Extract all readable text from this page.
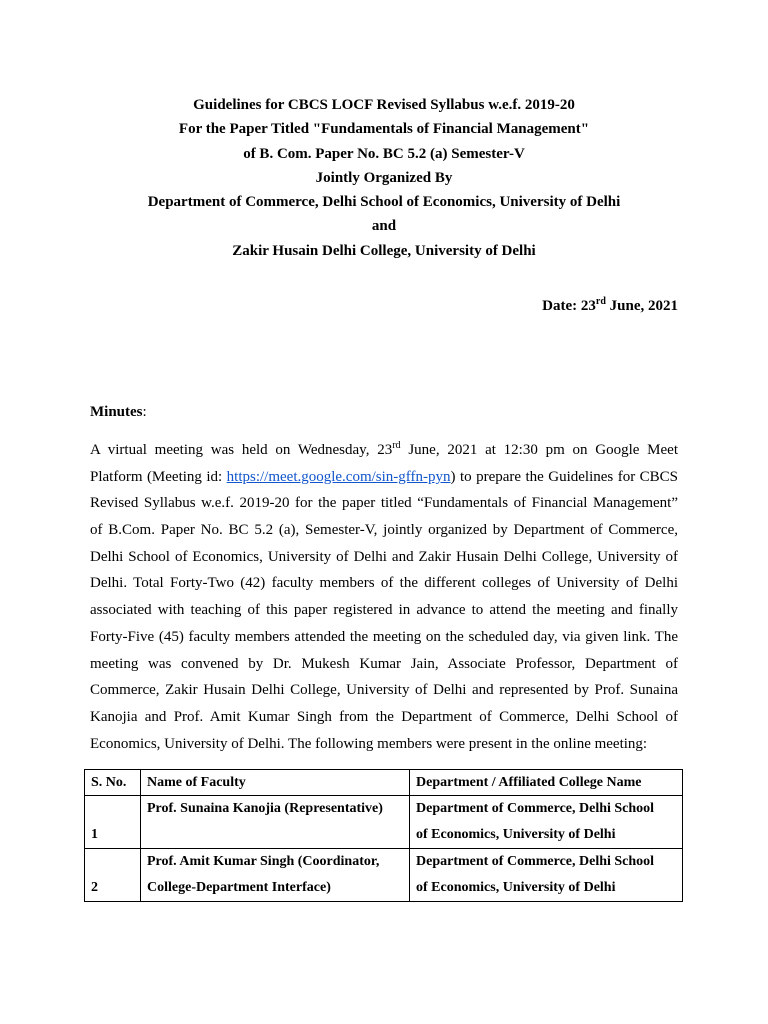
Guidelines for CBCS LOCF Revised Syllabus w.e.f. 2019-20
For the Paper Titled "Fundamentals of Financial Management"
of B. Com. Paper No. BC 5.2 (a) Semester-V
Jointly Organized By
Department of Commerce, Delhi School of Economics, University of Delhi
and
Zakir Husain Delhi College, University of Delhi
Date: 23rd June, 2021
Minutes:
A virtual meeting was held on Wednesday, 23rd June, 2021 at 12:30 pm on Google Meet
Platform (Meeting id: https://meet.google.com/sin-gffn-pyn) to prepare the Guidelines for CBCS
Revised Syllabus w.e.f. 2019-20 for the paper titled “Fundamentals of Financial Management”
of B.Com. Paper No. BC 5.2 (a), Semester-V, jointly organized by Department of Commerce,
Delhi School of Economics, University of Delhi and Zakir Husain Delhi College, University of
Delhi. Total Forty-Two (42) faculty members of the different colleges of University of Delhi
associated with teaching of this paper registered in advance to attend the meeting and finally
Forty-Five (45) faculty members attended the meeting on the scheduled day, via given link. The
meeting was convened by Dr. Mukesh Kumar Jain, Associate Professor, Department of
Commerce, Zakir Husain Delhi College, University of Delhi and represented by Prof. Sunaina
Kanojia and Prof. Amit Kumar Singh from the Department of Commerce, Delhi School of
Economics, University of Delhi. The following members were present in the online meeting:
S. No.	Name of Faculty	Department / Affiliated College Name

1	Prof. Sunaina Kanojia (Representative)	Department of Commerce, Delhi School
of Economics, University of Delhi

2	Prof. Amit Kumar Singh (Coordinator,
College-Department Interface)	Department of Commerce, Delhi School
of Economics, University of Delhi
